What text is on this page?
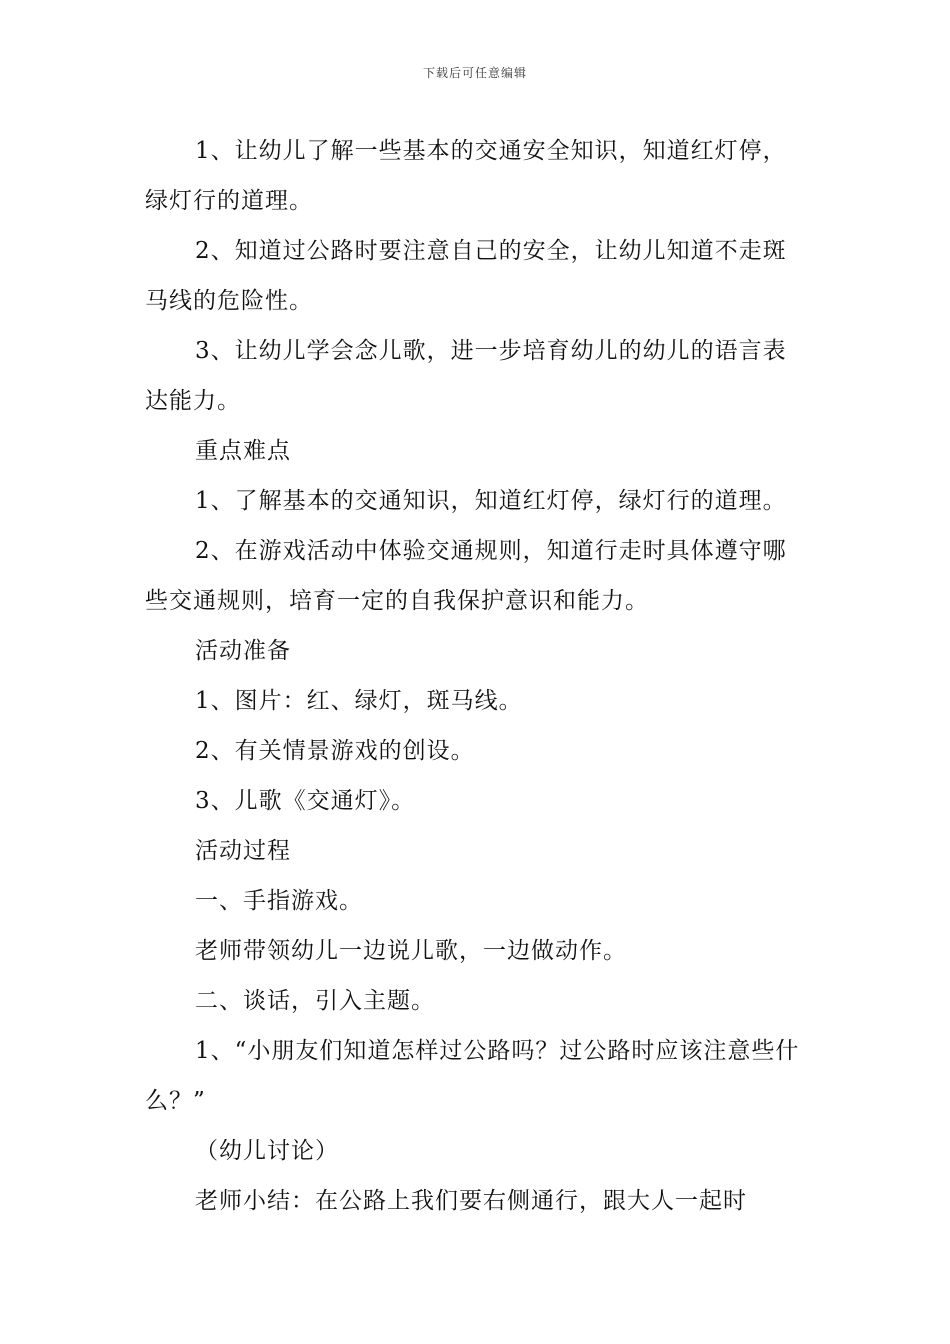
下载后可任意编辑

1、让幼儿了解一些基本的交通安全知识，知道红灯停，绿灯行的道理。

2、知道过公路时要注意自己的安全，让幼儿知道不走斑马线的危险性。

3、让幼儿学会念儿歌，进一步培育幼儿的幼儿的语言表达能力。

重点难点

1、了解基本的交通知识，知道红灯停，绿灯行的道理。

2、在游戏活动中体验交通规则，知道行走时具体遵守哪些交通规则，培育一定的自我保护意识和能力。

活动准备

1、图片：红、绿灯，斑马线。

2、有关情景游戏的创设。

3、儿歌《交通灯》。

活动过程

一、手指游戏。

老师带领幼儿一边说儿歌，一边做动作。

二、谈话，引入主题。

1、“小朋友们知道怎样过公路吗？过公路时应该注意些什么？”

（幼儿讨论）

老师小结：在公路上我们要右侧通行，跟大人一起时
